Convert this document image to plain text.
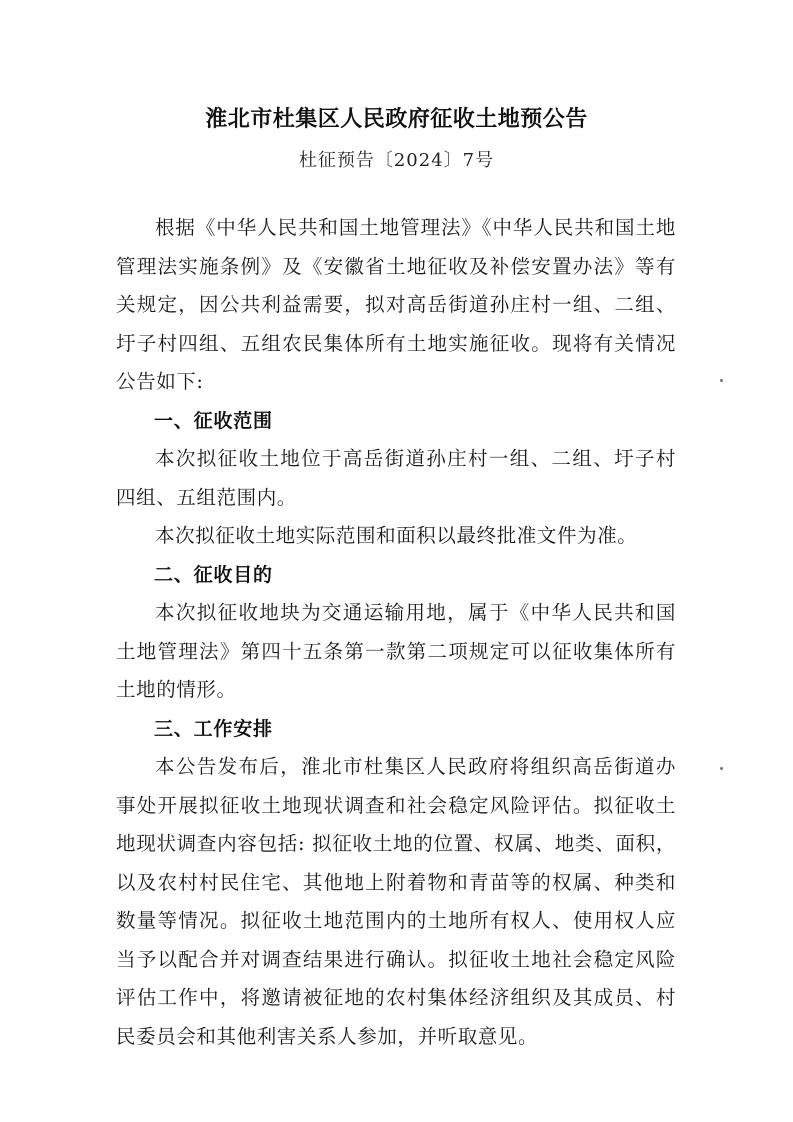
淮北市杜集区人民政府征收土地预公告
杜征预告〔2024〕7号

根据《中华人民共和国土地管理法》《中华人民共和国土地管理法实施条例》及《安徽省土地征收及补偿安置办法》等有关规定，因公共利益需要，拟对高岳街道孙庄村一组、二组、圩子村四组、五组农民集体所有土地实施征收。现将有关情况公告如下:

一、征收范围

本次拟征收土地位于高岳街道孙庄村一组、二组、圩子村四组、五组范围内。

本次拟征收土地实际范围和面积以最终批准文件为准。

二、征收目的

本次拟征收地块为交通运输用地，属于《中华人民共和国土地管理法》第四十五条第一款第二项规定可以征收集体所有土地的情形。

三、工作安排

本公告发布后，淮北市杜集区人民政府将组织高岳街道办事处开展拟征收土地现状调查和社会稳定风险评估。拟征收土地现状调查内容包括: 拟征收土地的位置、权属、地类、面积，以及农村村民住宅、其他地上附着物和青苗等的权属、种类和数量等情况。拟征收土地范围内的土地所有权人、使用权人应当予以配合并对调查结果进行确认。拟征收土地社会稳定风险评估工作中，将邀请被征地的农村集体经济组织及其成员、村民委员会和其他利害关系人参加，并听取意见。
